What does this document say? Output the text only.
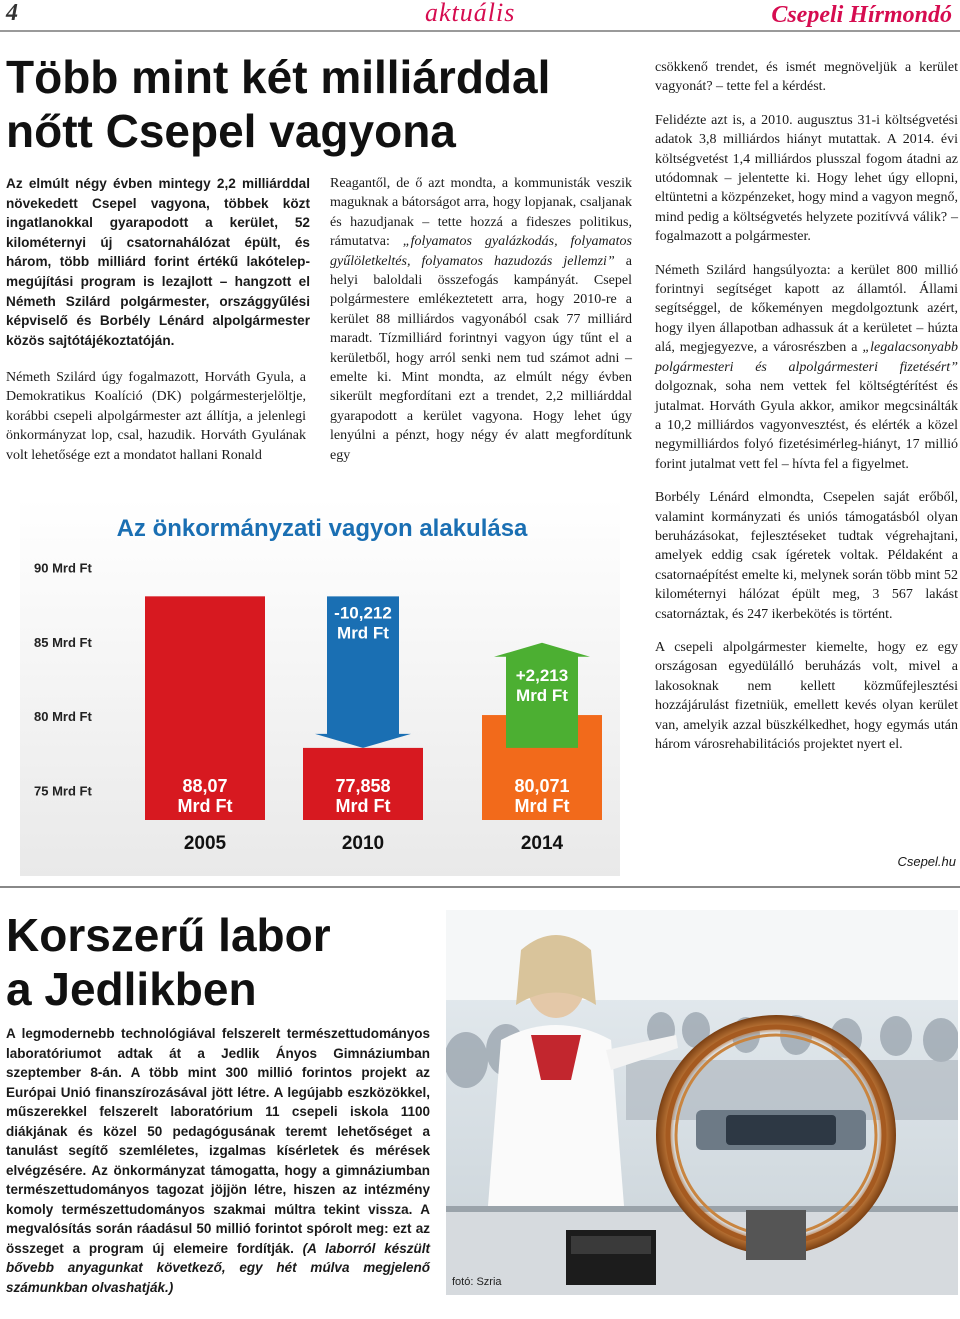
4	aktuális	Csepeli Hírmondó
Több mint két milliárddal
nőtt Csepel vagyona
Az elmúlt négy évben mintegy 2,2 milliárddal növekedett Csepel vagyona, többek közt ingatlanokkal gyarapodott a kerület, 52 kilométernyi új csatornahálózat épült, és három, több milliárd forint értékű lakótelep-megújítási program is lezajlott – hangzott el Németh Szilárd polgármester, országgyűlési képviselő és Borbély Lénárd alpolgármester közös sajtótájékoztatóján.

Németh Szilárd úgy fogalmazott, Horváth Gyula, a Demokratikus Koalíció (DK) polgármesterjelöltje, korábbi csepeli alpolgármester azt állítja, a jelenlegi önkormányzat lop, csal, hazudik. Horváth Gyulának volt lehetősége ezt a mondatot hallani Ronald

Reagantől, de ő azt mondta, a kommunisták veszik maguknak a bátorságot arra, hogy lopjanak, csaljanak és hazudjanak – tette hozzá a fideszes politikus, rámutatva: „folyamatos gyalázkodás, folyamatos gyűlöletkeltés, folyamatos hazudozás jellemzi” a helyi baloldali összefogás kampányát. Csepel polgármestere emlékeztetett arra, hogy 2010-re a kerület 88 milliárdos vagyonából csak 77 milliárd maradt. Tízmilliárd forintnyi vagyon úgy tűnt el a kerületből, hogy arról senki nem tud számot adni – emelte ki. Mint mondta, az elmúlt négy évben sikerült megfordítani ezt a trendet, 2,2 milliárddal gyarapodott a kerület vagyona. Hogy lehet úgy lenyúlni a pénzt, hogy négy év alatt megfordítunk egy

csökkenő trendet, és ismét megnöveljük a kerület vagyonát? – tette fel a kérdést.

Felidézte azt is, a 2010. augusztus 31-i költségvetési adatok 3,8 milliárdos hiányt mutattak. A 2014. évi költségvetést 1,4 milliárdos plusszal fogom átadni az utódomnak – jelentette ki. Hogy lehet úgy ellopni, eltüntetni a közpénzeket, hogy mind a vagyon megnő, mind pedig a költségvetés helyzete pozitívvá válik? – fogalmazott a polgármester.

Németh Szilárd hangsúlyozta: a kerület 800 millió forintnyi segítséget kapott az államtól. Állami segítséggel, de kőkeményen megdolgoztunk azért, hogy ilyen állapotban adhassuk át a kerületet – húzta alá, megjegyezve, a városrészben a „legalacsonyabb polgármesteri és alpolgármesteri fizetésért” dolgoznak, soha nem vettek fel költségtérítést és jutalmat. Horváth Gyula akkor, amikor megcsinálták a 10,2 milliárdos vagyonvesztést, és elérték a közel negymilliárdos folyó fizetésimérleg-hiányt, 17 millió forint jutalmat vett fel – hívta fel a figyelmet.

Borbély Lénárd elmondta, Csepelen saját erőből, valamint kormányzati és uniós támogatásból olyan beruházásokat, fejlesztéseket tudtak végrehajtani, amelyek eddig csak ígéretek voltak. Példaként a csatornaépítést emelte ki, melynek során több mint 52 kilométernyi hálózat épült meg, 3 567 lakást csatornáztak, és 247 ikerbekötés is történt.

A csepeli alpolgármester kiemelte, hogy ez egy országosan egyedülálló beruházás volt, mivel a lakosoknak nem kellett közműfejlesztési hozzájárulást fizetniük, emellett kevés olyan kerület van, amelyik azzal büszkélkedhet, hogy egymás után három városrehabilitációs projektet nyert el.

Csepel.hu
Az önkormányzati vagyon alakulása
90 Mrd Ft
85 Mrd Ft
80 Mrd Ft
75 Mrd Ft	88,07
Mrd Ft
77,858
Mrd Ft
80,071
Mrd Ft
-10,212
Mrd Ft
+2,213
Mrd Ft
2005	2010	2014
Korszerű labor
a Jedlikben
A legmodernebb technológiával felszerelt természettudományos laboratóriumot adtak át a Jedlik Ányos Gimnáziumban szeptember 8-án. A több mint 300 millió forintos projekt az Európai Unió finanszírozásával jött létre. A legújabb eszközökkel, műszerekkel felszerelt laboratórium 11 csepeli iskola 1100 diákjának és közel 50 pedagógusának teremt lehetőséget a tanulást segítő szemléletes, izgalmas kísérletek és mérések elvégzésére. Az önkormányzat támogatta, hogy a gimnáziumban természettudományos tagozat jöjjön létre, hiszen az intézmény komoly természettudományos szakmai múltra tekint vissza. A megvalósítás során ráadásul 50 millió forintot spórolt meg: ezt az összeget a program új elemeire fordítják. (A laborról készült bővebb anyagunkat következő, egy hét múlva megjelenő számunkban olvashatják.)	fotó: Szria
